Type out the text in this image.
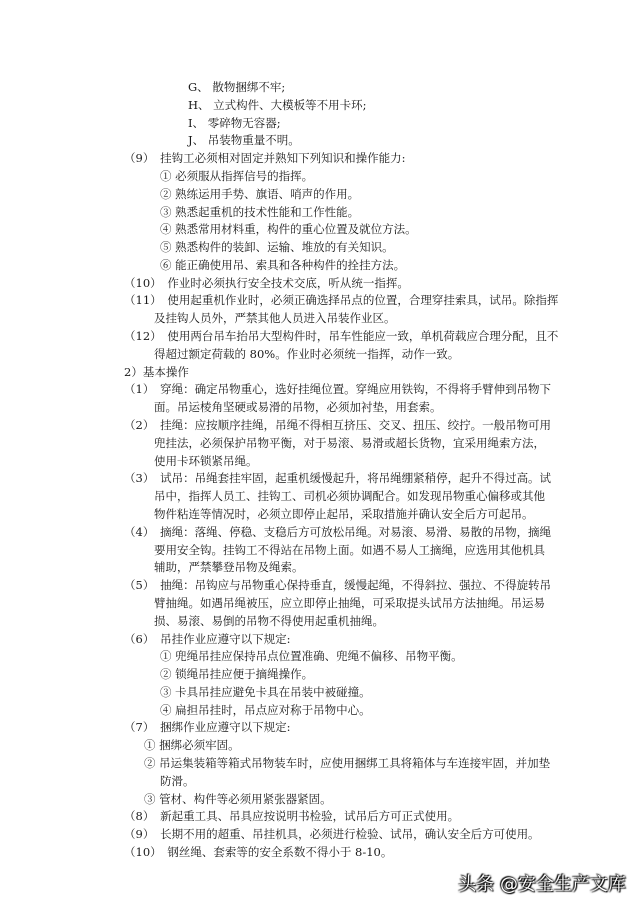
G、 散物捆绑不牢;
H、 立式构件、大模板等不用卡环;
I、 零碎物无容器;
J、 吊装物重量不明。
（9）　挂钩工必须相对固定并熟知下列知识和操作能力:
① 必须服从指挥信号的指挥。
② 熟练运用手势、旗语、哨声的作用。
③ 熟悉起重机的技术性能和工作性能。
④ 熟悉常用材料重，构件的重心位置及就位方法。
⑤ 熟悉构件的装卸、运输、堆放的有关知识。
⑥ 能正确使用吊、索具和各种构件的拴挂方法。
（10）　作业时必须执行安全技术交底，听从统一指挥。
（11）　使用起重机作业时，必须正确选择吊点的位置，合理穿挂索具，试吊。除指挥
及挂钩人员外，严禁其他人员进入吊装作业区。
（12）　使用两台吊车抬吊大型构件时，吊车性能应一致，单机荷载应合理分配，且不
得超过额定荷载的 80%。作业时必须统一指挥，动作一致。
2）基本操作
（1）　穿绳：确定吊物重心，选好挂绳位置。穿绳应用铁钩，不得将手臂伸到吊物下
面。吊运棱角坚硬或易滑的吊物，必须加衬垫，用套索。
（2）　挂绳：应按顺序挂绳，吊绳不得相互挤压、交叉、扭压、绞拧。一般吊物可用
兜挂法，必须保护吊物平衡，对于易滚、易滑或超长货物，宜采用绳索方法，
使用卡环锁紧吊绳。
（3）　试吊：吊绳套挂牢固，起重机缓慢起升，将吊绳绷紧稍停，起升不得过高。试
吊中，指挥人员工、挂钩工、司机必须协调配合。如发现吊物重心偏移或其他
物件粘连等情况时，必须立即停止起吊，采取措施并确认安全后方可起吊。
（4）　摘绳：落绳、停稳、支稳后方可放松吊绳。对易滚、易滑、易散的吊物，摘绳
要用安全钩。挂钩工不得站在吊物上面。如遇不易人工摘绳，应选用其他机具
辅助，严禁攀登吊物及绳索。
（5）　抽绳：吊钩应与吊物重心保持垂直，缓慢起绳，不得斜拉、强拉、不得旋转吊
臂抽绳。如遇吊绳被压，应立即停止抽绳，可采取提头试吊方法抽绳。吊运易
损、易滚、易倒的吊物不得使用起重机抽绳。
（6）　吊挂作业应遵守以下规定:
① 兜绳吊挂应保持吊点位置准确、兜绳不偏移、吊物平衡。
② 锁绳吊挂应便于摘绳操作。
③ 卡具吊挂应避免卡具在吊装中被碰撞。
④ 扁担吊挂时，吊点应对称于吊物中心。
（7）　捆绑作业应遵守以下规定:
① 捆绑必须牢固。
② 吊运集装箱等箱式吊物装车时，应使用捆绑工具将箱体与车连接牢固，并加垫
防滑。
③ 管材、构件等必须用紧张器紧固。
（8）　新起重工具、吊具应按说明书检验，试吊后方可正式使用。
（9）　长期不用的超重、吊挂机具，必须进行检验、试吊，确认安全后方可使用。
（10）　钢丝绳、套索等的安全系数不得小于 8-10。
头条 @安全生产文库
